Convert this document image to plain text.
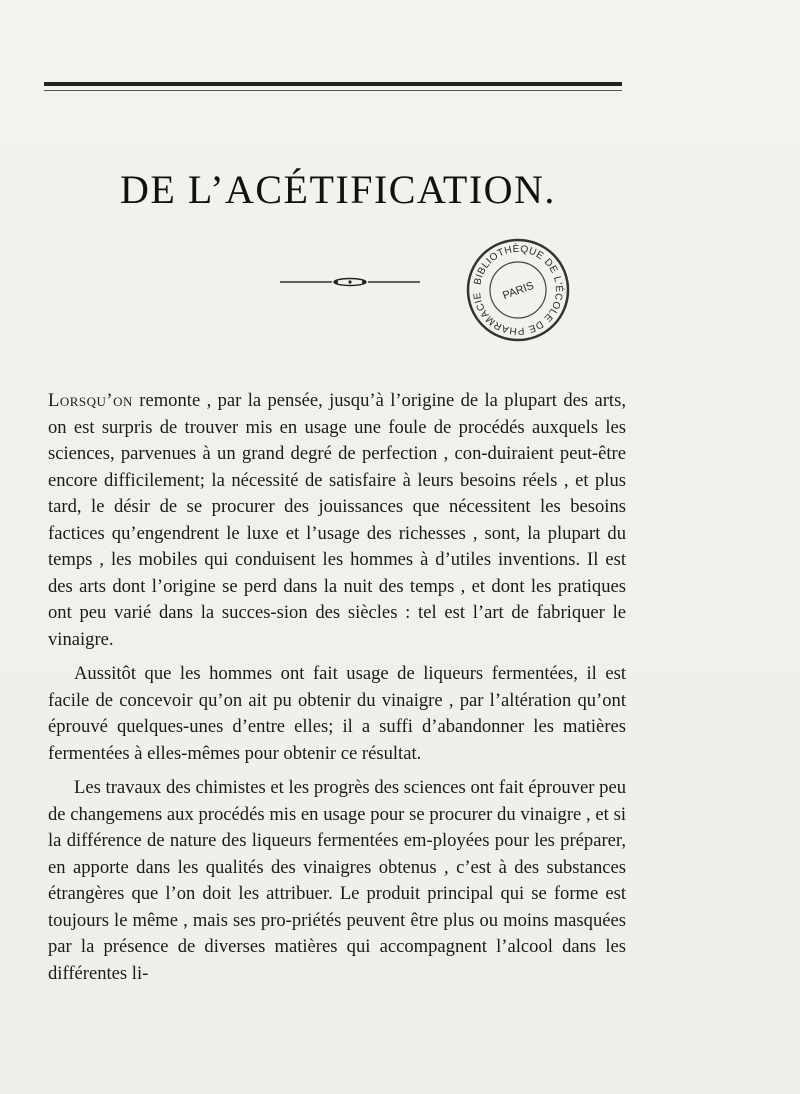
DE L’ACÉTIFICATION.
BIBLIOTHÈQUE DE L'ÉCOLE DE PHARMACIE	PARIS

Lorsqu’on remonte , par la pensée, jusqu’à l’origine de la plupart des arts, on est surpris de trouver mis en usage une foule de procédés auxquels les sciences, parvenues à un grand degré de perfection , con-duiraient peut-être encore difficilement; la nécessité de satisfaire à leurs besoins réels , et plus tard, le désir de se procurer des jouissances que nécessitent les besoins factices qu’engendrent le luxe et l’usage des richesses , sont, la plupart du temps , les mobiles qui conduisent les hommes à d’utiles inventions. Il est des arts dont l’origine se perd dans la nuit des temps , et dont les pratiques ont peu varié dans la succes-sion des siècles : tel est l’art de fabriquer le vinaigre.

Aussitôt que les hommes ont fait usage de liqueurs fermentées, il est facile de concevoir qu’on ait pu obtenir du vinaigre , par l’altération qu’ont éprouvé quelques-unes d’entre elles; il a suffi d’abandonner les matières fermentées à elles-mêmes pour obtenir ce résultat.

Les travaux des chimistes et les progrès des sciences ont fait éprouver peu de changemens aux procédés mis en usage pour se procurer du vinaigre , et si la différence de nature des liqueurs fermentées em-ployées pour les préparer, en apporte dans les qualités des vinaigres obtenus , c’est à des substances étrangères que l’on doit les attribuer. Le produit principal qui se forme est toujours le même , mais ses pro-priétés peuvent être plus ou moins masquées par la présence de diverses matières qui accompagnent l’alcool dans les différentes li-
